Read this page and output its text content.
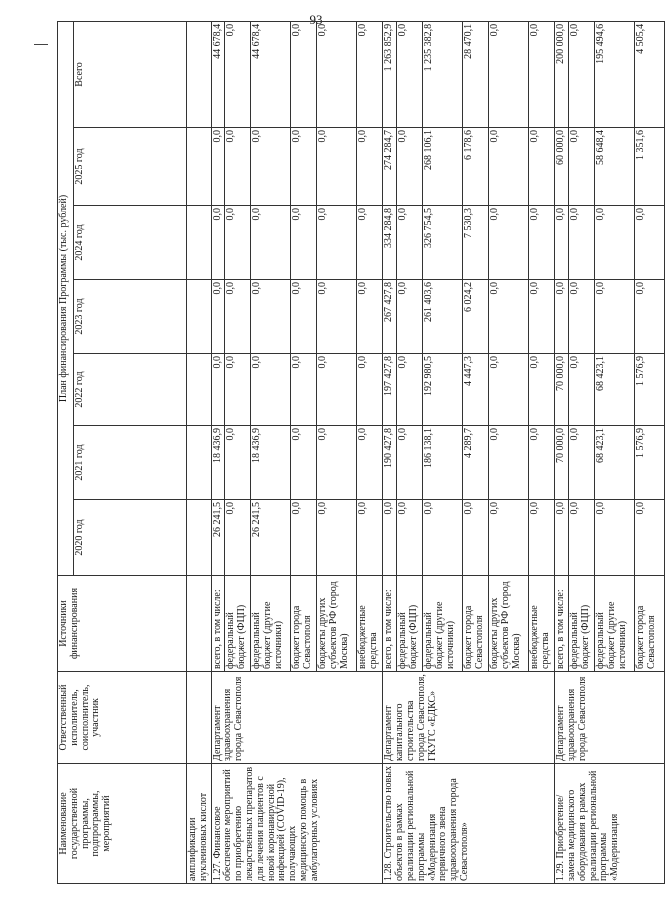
93
Наименование государственной программы, подпрограммы, мероприятий	Ответственный исполнитель, соисполнитель, участник	Источники финансирования	План финансирования Программы (тыс. рублей)						
			2020 год	2021 год	2022 год	2023 год	2024 год	2025 год	Всего
амплификации нуклеиновых кислот									
1.27. Финансовое обеспечение мероприятий по приобретению лекарственных препаратов для лечения пациентов с новой коронавирусной инфекцией (COVID-19), получающих медицинскую помощь в амбулаторных условиях	Департамент здравоохранения города Севастополя	всего, в том числе:	26 241,5	18 436,9	0,0	0,0	0,0	0,0	44 678,4
		федеральный бюджет (ФЦП)	0,0	0,0	0,0	0,0	0,0	0,0	0,0
		федеральный бюджет (другие источники)	26 241,5	18 436,9	0,0	0,0	0,0	0,0	44 678,4
		бюджет города Севастополя	0,0	0,0	0,0	0,0	0,0	0,0	0,0
		бюджеты других субъектов РФ (город Москва)	0,0	0,0	0,0	0,0	0,0	0,0	0,0
		внебюджетные средства	0,0	0,0	0,0	0,0	0,0	0,0	0,0
1.28. Строительство новых объектов в рамках реализации региональной программы «Модернизация первичного звена здравоохранения города Севастополя»	Департамент капитального строительства города Севастополя, ГКУГС «ЕДКС»	всего, в том числе:	0,0	190 427,8	197 427,8	267 427,8	334 284,8	274 284,7	1 263 852,9
		федеральный бюджет (ФЦП)	0,0	0,0	0,0	0,0	0,0	0,0	0,0
		федеральный бюджет (другие источники)	0,0	186 138,1	192 980,5	261 403,6	326 754,5	268 106,1	1 235 382,8
		бюджет города Севастополя	0,0	4 289,7	4 447,3	6 024,2	7 530,3	6 178,6	28 470,1
		бюджеты других субъектов РФ (город Москва)	0,0	0,0	0,0	0,0	0,0	0,0	0,0
		внебюджетные средства	0,0	0,0	0,0	0,0	0,0	0,0	0,0
1.29. Приобретение/замена медицинского оборудования в рамках реализации региональной программы «Модернизация	Департамент здравоохранения города Севастополя	всего, в том числе:	0,0	70 000,0	70 000,0	0,0	0,0	60 000,0	200 000,0
		федеральный бюджет (ФЦП)	0,0	0,0	0,0	0,0	0,0	0,0	0,0
		федеральный бюджет (другие источники)	0,0	68 423,1	68 423,1	0,0	0,0	58 648,4	195 494,6
		бюджет города Севастополя	0,0	1 576,9	1 576,9	0,0	0,0	1 351,6	4 505,4
